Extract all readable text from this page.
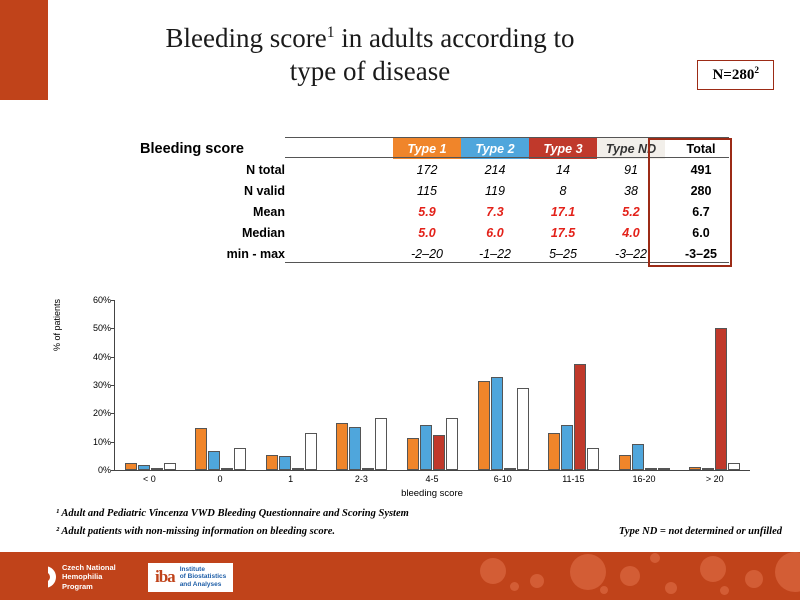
Bleeding score$^1$ in adults according to
type of disease	$N=280^2$
Bleeding score
		Type 1	Type 2	Type 3	Type ND	Total
N total	172	214	14	91	491
N valid	115	119	8	38	280
Mean	5.9	7.3	17.1	5.2	6.7
Median	5.0	6.0	17.5	4.0	6.0
min - max	-2–20	-1–22	5–25	-3–22	-3–25
% of patients
0%
10%
20%
30%
40%
50%
60%
< 0	0	1	2-3	4-5	6-10	11-15	16-20	> 20
bleeding score
¹ Adult and Pediatric Vincenza VWD Bleeding Questionnaire and Scoring System
² Adult patients with non-missing information on bleeding score.	Type ND = not determined or unfilled
Czech National
Hemophilia
Program	iba Institute
of Biostatistics
and Analyses
